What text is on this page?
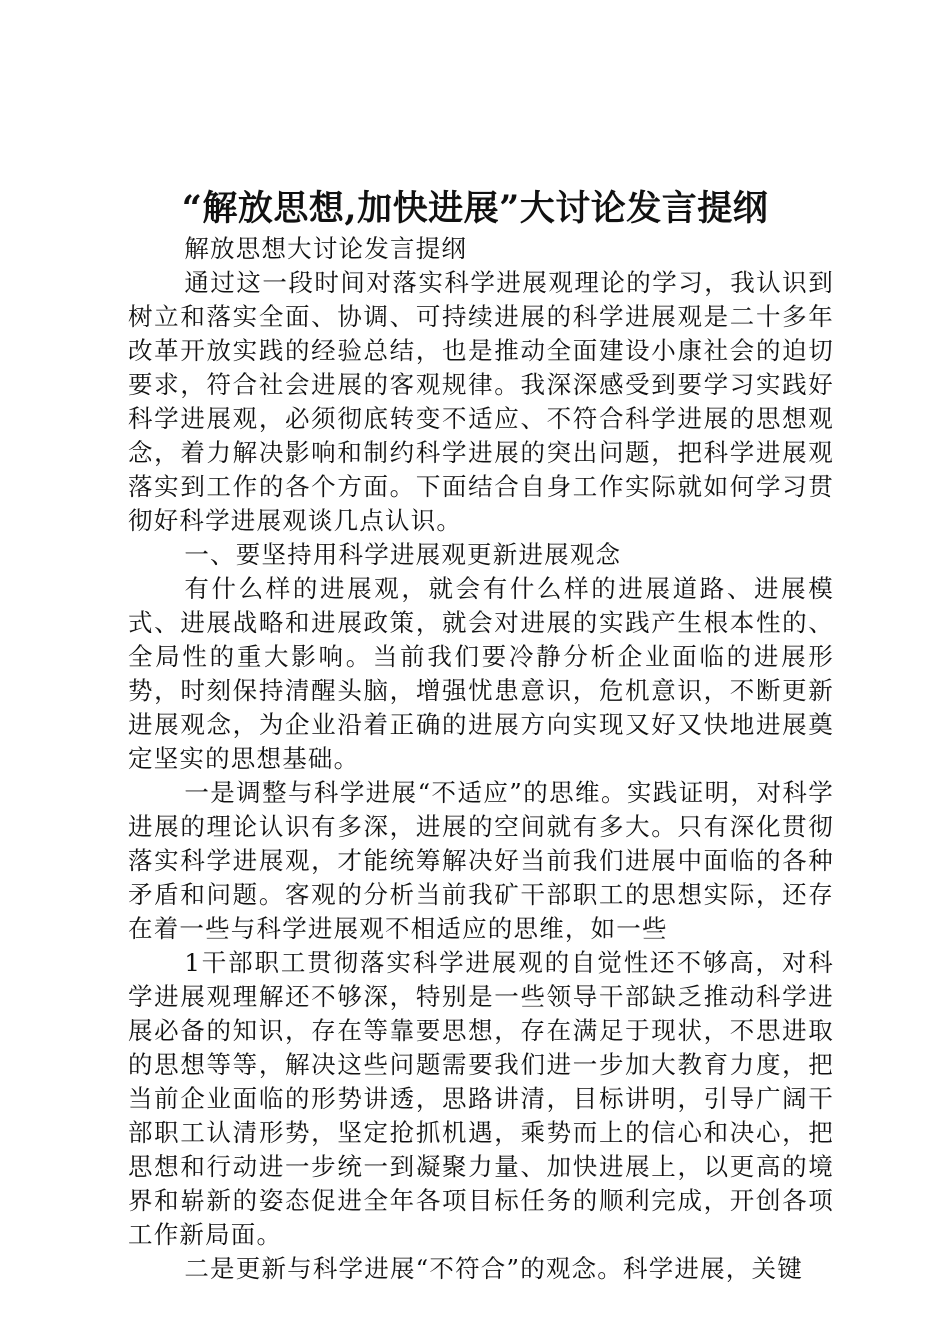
“解放思想,加快进展”大讨论发言提纲

解放思想大讨论发言提纲

通过这一段时间对落实科学进展观理论的学习，我认识到树立和落实全面、协调、可持续进展的科学进展观是二十多年改革开放实践的经验总结，也是推动全面建设小康社会的迫切要求，符合社会进展的客观规律。我深深感受到要学习实践好科学进展观，必须彻底转变不适应、不符合科学进展的思想观念，着力解决影响和制约科学进展的突出问题，把科学进展观落实到工作的各个方面。下面结合自身工作实际就如何学习贯彻好科学进展观谈几点认识。

一、要坚持用科学进展观更新进展观念

有什么样的进展观，就会有什么样的进展道路、进展模式、进展战略和进展政策，就会对进展的实践产生根本性的、全局性的重大影响。当前我们要冷静分析企业面临的进展形势，时刻保持清醒头脑，增强忧患意识，危机意识，不断更新进展观念，为企业沿着正确的进展方向实现又好又快地进展奠定坚实的思想基础。

一是调整与科学进展“不适应”的思维。实践证明，对科学进展的理论认识有多深，进展的空间就有多大。只有深化贯彻落实科学进展观，才能统筹解决好当前我们进展中面临的各种矛盾和问题。客观的分析当前我矿干部职工的思想实际，还存在着一些与科学进展观不相适应的思维，如一些

1干部职工贯彻落实科学进展观的自觉性还不够高，对科学进展观理解还不够深，特别是一些领导干部缺乏推动科学进展必备的知识，存在等靠要思想，存在满足于现状，不思进取的思想等等，解决这些问题需要我们进一步加大教育力度，把当前企业面临的形势讲透，思路讲清，目标讲明，引导广阔干部职工认清形势，坚定抢抓机遇，乘势而上的信心和决心，把思想和行动进一步统一到凝聚力量、加快进展上，以更高的境界和崭新的姿态促进全年各项目标任务的顺利完成，开创各项工作新局面。

二是更新与科学进展“不符合”的观念。科学进展，关键
